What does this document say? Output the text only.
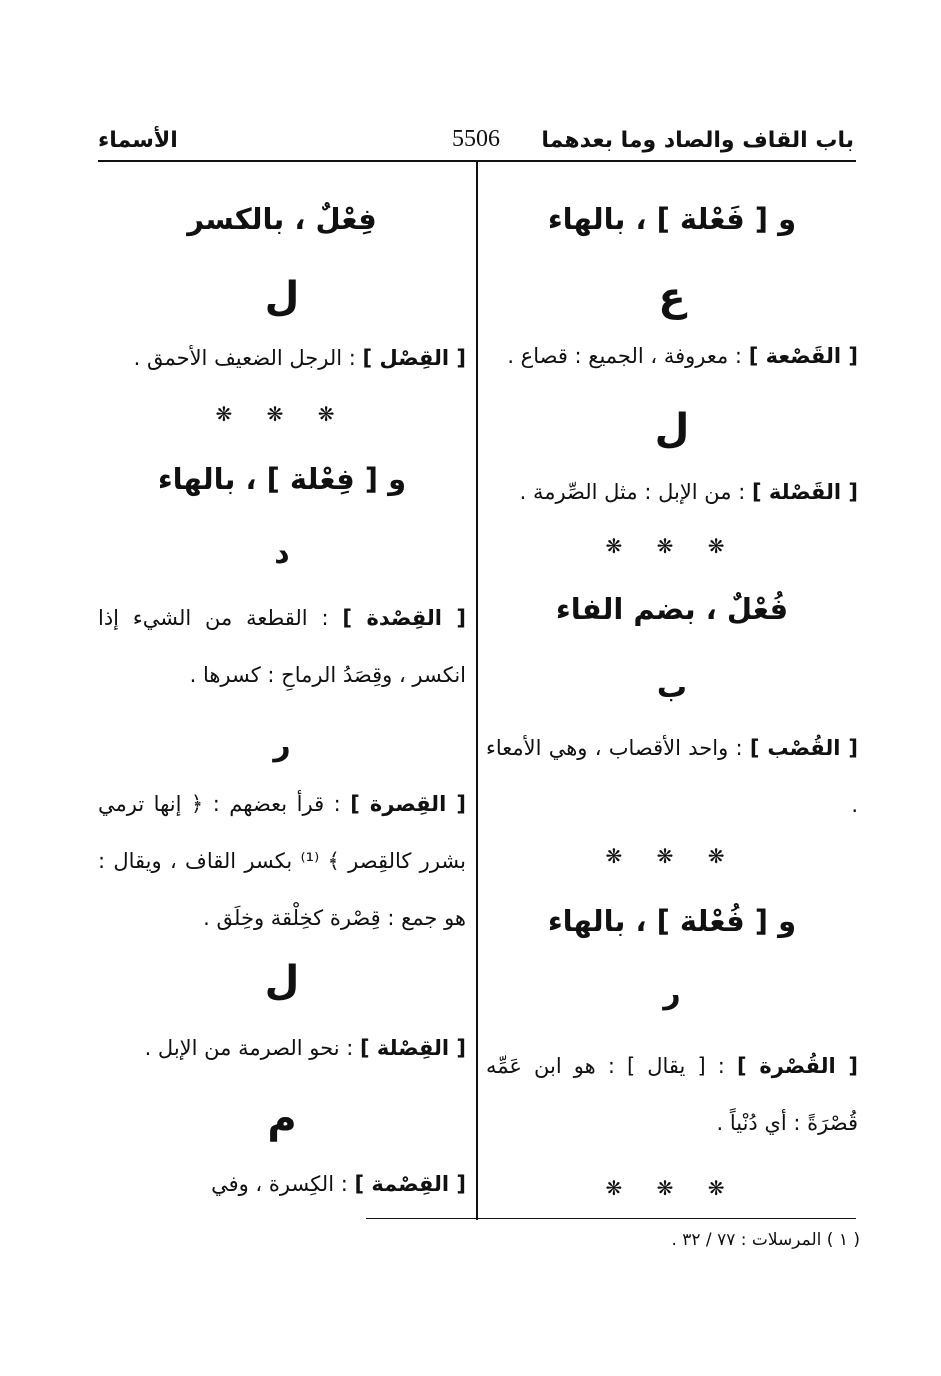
الأسماء	5506	باب القاف والصاد وما بعدهما
و [ فَعْلة ] ، بالهاء
ع
[ القَصْعة ] : معروفة ، الجميع : قصاع .
ل
[ القَصْلة ] : من الإبل : مثل الصِّرمة .
❋ ❋ ❋
فُعْلٌ ، بضم الفاء
ب
[ القُصْب ] : واحد الأقصاب ، وهي الأمعاء .
❋ ❋ ❋
و [ فُعْلة ] ، بالهاء
ر
[ القُصْرة ] : [ يقال ] : هو ابن عَمِّه قُصْرَةً : أي دُنْياً .
❋ ❋ ❋
فِعْلٌ ، بالكسر
ل
[ القِصْل ] : الرجل الضعيف الأحمق .
❋ ❋ ❋
و [ فِعْلة ] ، بالهاء
د
[ القِصْدة ] : القطعة من الشيء إذا انكسر ، وقِصَدُ الرماحِ : كسرها .
ر
[ القِصرة ] : قرأ بعضهم : ﴿ إنها ترمي بشرر كالقِصر ﴾ ⁽¹⁾ بكسر القاف ، ويقال : هو جمع : قِصْرة كخِلْقة وخِلَق .
ل
[ القِصْلة ] : نحو الصرمة من الإبل .
م
[ القِصْمة ] : الكِسرة ، وفي
( ١ ) المرسلات : ٧٧ / ٣٢ .
